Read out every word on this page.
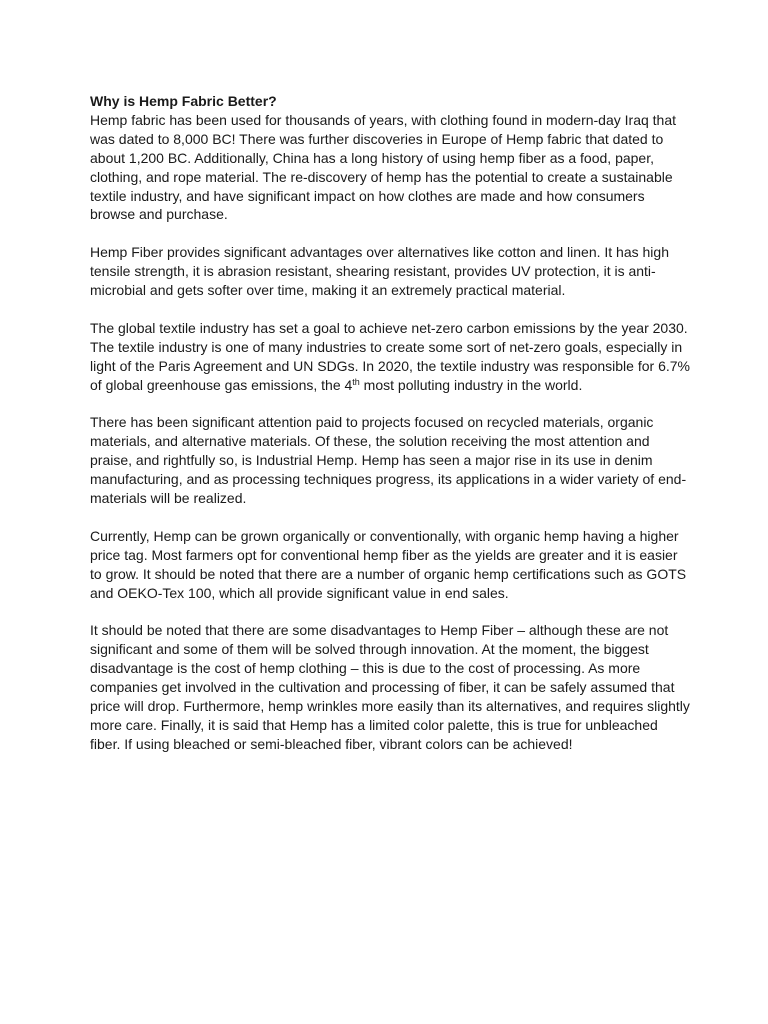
Why is Hemp Fabric Better?

Hemp fabric has been used for thousands of years, with clothing found in modern-day Iraq that was dated to 8,000 BC! There was further discoveries in Europe of Hemp fabric that dated to about 1,200 BC. Additionally, China has a long history of using hemp fiber as a food, paper, clothing, and rope material. The re-discovery of hemp has the potential to create a sustainable textile industry, and have significant impact on how clothes are made and how consumers browse and purchase.

Hemp Fiber provides significant advantages over alternatives like cotton and linen. It has high tensile strength, it is abrasion resistant, shearing resistant, provides UV protection, it is anti-microbial and gets softer over time, making it an extremely practical material.

The global textile industry has set a goal to achieve net-zero carbon emissions by the year 2030. The textile industry is one of many industries to create some sort of net-zero goals, especially in light of the Paris Agreement and UN SDGs. In 2020, the textile industry was responsible for 6.7% of global greenhouse gas emissions, the 4th most polluting industry in the world.

There has been significant attention paid to projects focused on recycled materials, organic materials, and alternative materials. Of these, the solution receiving the most attention and praise, and rightfully so, is Industrial Hemp. Hemp has seen a major rise in its use in denim manufacturing, and as processing techniques progress, its applications in a wider variety of end-materials will be realized.

Currently, Hemp can be grown organically or conventionally, with organic hemp having a higher price tag. Most farmers opt for conventional hemp fiber as the yields are greater and it is easier to grow. It should be noted that there are a number of organic hemp certifications such as GOTS and OEKO-Tex 100, which all provide significant value in end sales.

It should be noted that there are some disadvantages to Hemp Fiber – although these are not significant and some of them will be solved through innovation. At the moment, the biggest disadvantage is the cost of hemp clothing – this is due to the cost of processing. As more companies get involved in the cultivation and processing of fiber, it can be safely assumed that price will drop. Furthermore, hemp wrinkles more easily than its alternatives, and requires slightly more care. Finally, it is said that Hemp has a limited color palette, this is true for unbleached fiber. If using bleached or semi-bleached fiber, vibrant colors can be achieved!
